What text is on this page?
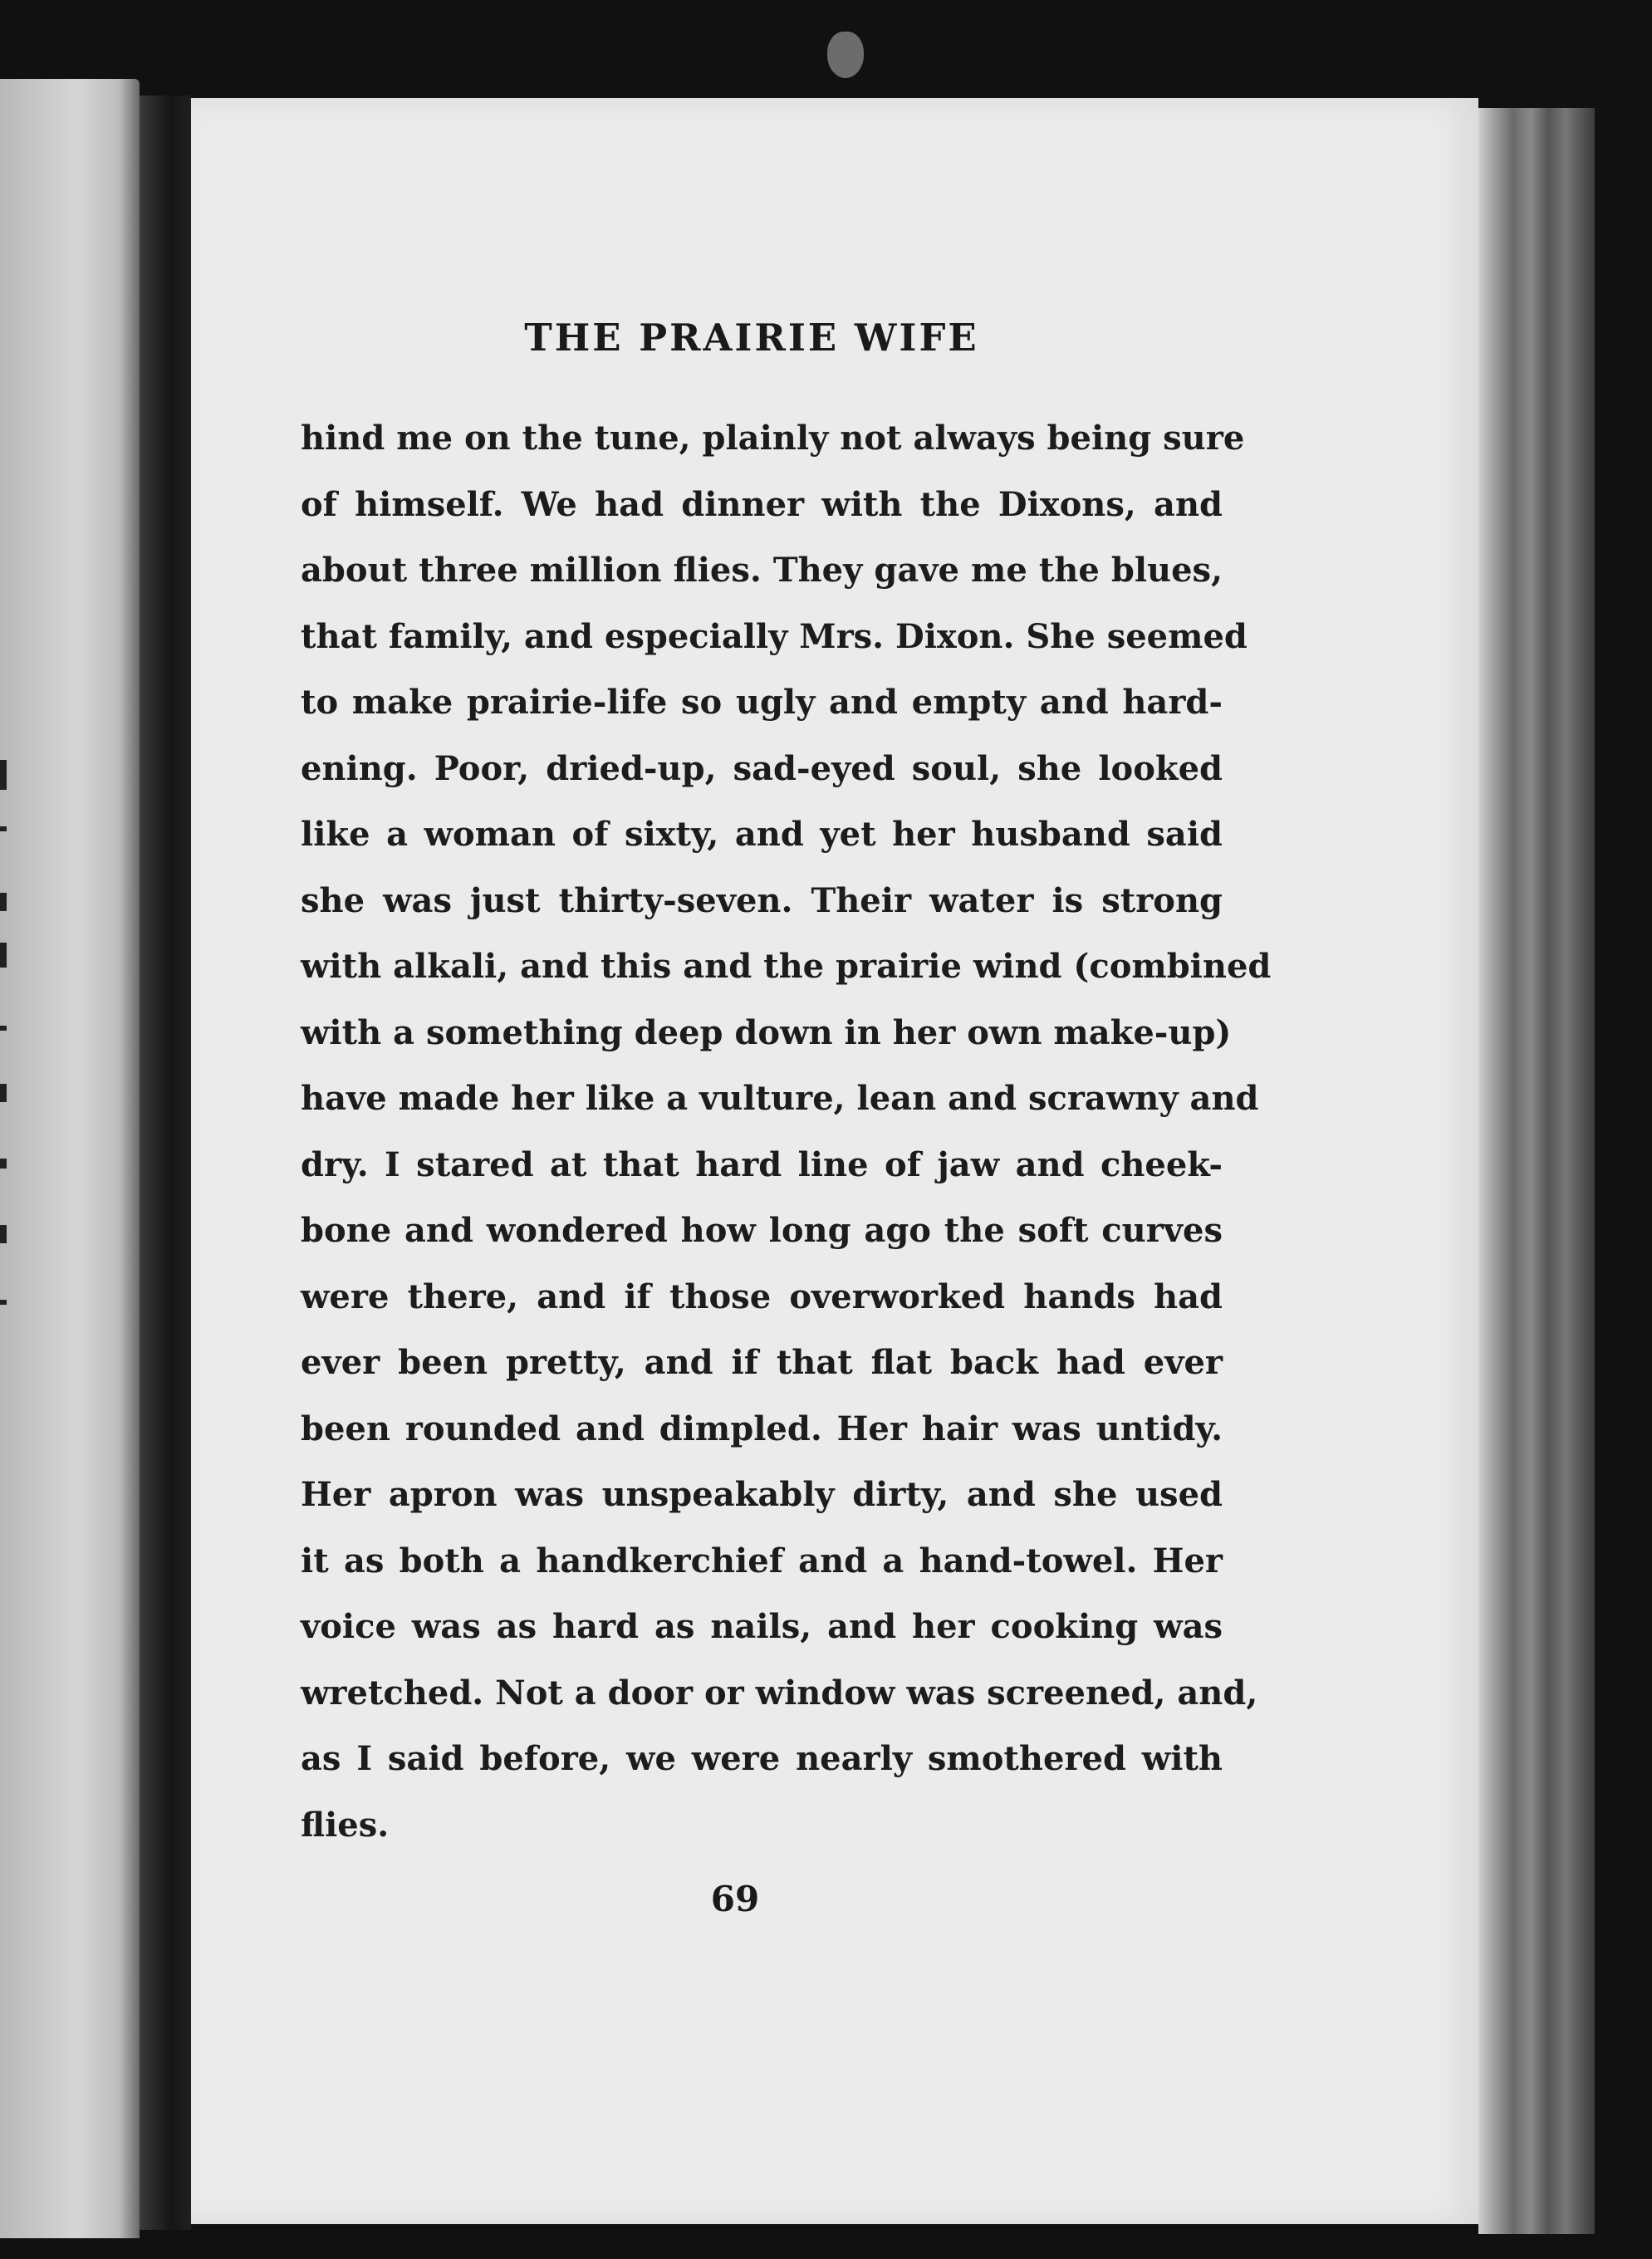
THE PRAIRIE WIFE
hind me on the tune, plainly not always being sure
of himself. We had dinner with the Dixons, and
about three million flies. They gave me the blues,
that family, and especially Mrs. Dixon. She seemed
to make prairie-life so ugly and empty and hard-
ening. Poor, dried-up, sad-eyed soul, she looked
like a woman of sixty, and yet her husband said
she was just thirty-seven. Their water is strong
with alkali, and this and the prairie wind (combined
with a something deep down in her own make-up)
have made her like a vulture, lean and scrawny and
dry. I stared at that hard line of jaw and cheek-
bone and wondered how long ago the soft curves
were there, and if those overworked hands had
ever been pretty, and if that flat back had ever
been rounded and dimpled. Her hair was untidy.
Her apron was unspeakably dirty, and she used
it as both a handkerchief and a hand-towel. Her
voice was as hard as nails, and her cooking was
wretched. Not a door or window was screened, and,
as I said before, we were nearly smothered with
flies.
69
